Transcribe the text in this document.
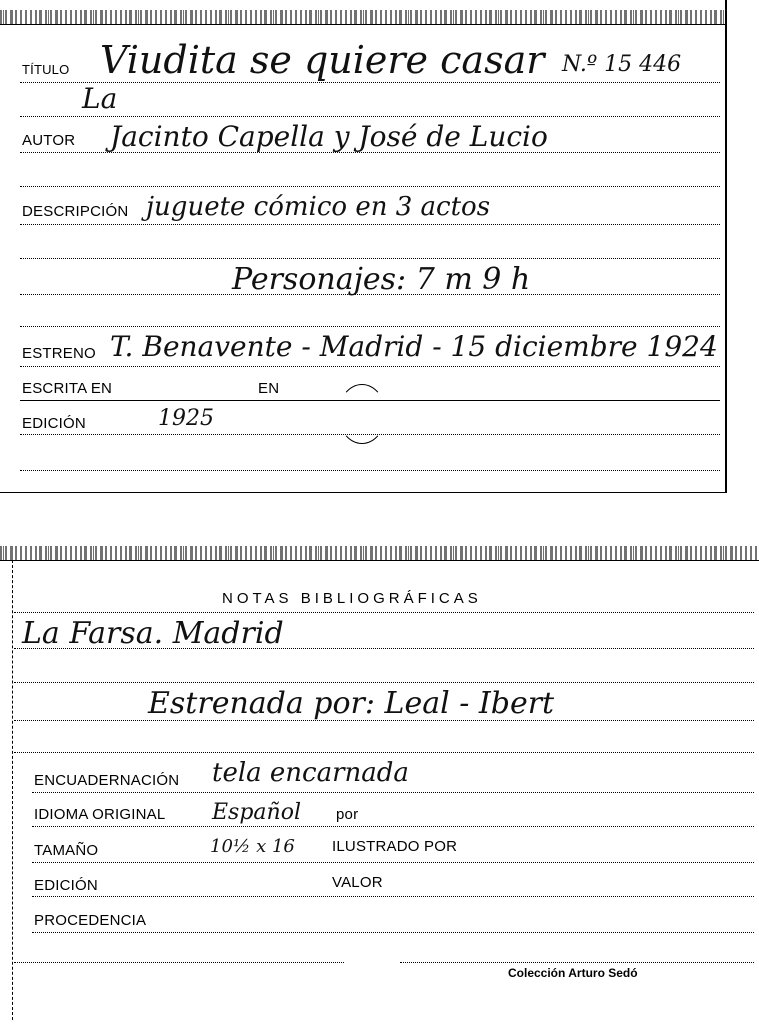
TÍTULO Viudita se quiere casar
La
N.º 15 446
AUTOR Jacinto Capella y José de Lucio
DESCRIPCIÓN juguete cómico en 3 actos
Personajes: 7 m 9 h
ESTRENO T. Benavente - Madrid - 15 diciembre 1924
ESCRITA EN	EN
EDICIÓN	1925
NOTAS BIBLIOGRÁFICAS
La Farsa. Madrid
Estrenada por: Leal - Ibert
ENCUADERNACIÓN tela encarnada
IDIOMA ORIGINAL Español por
TAMAÑO	10½ x 16 ILUSTRADO POR
EDICIÓN	VALOR
PROCEDENCIA
Colección Arturo Sedó
